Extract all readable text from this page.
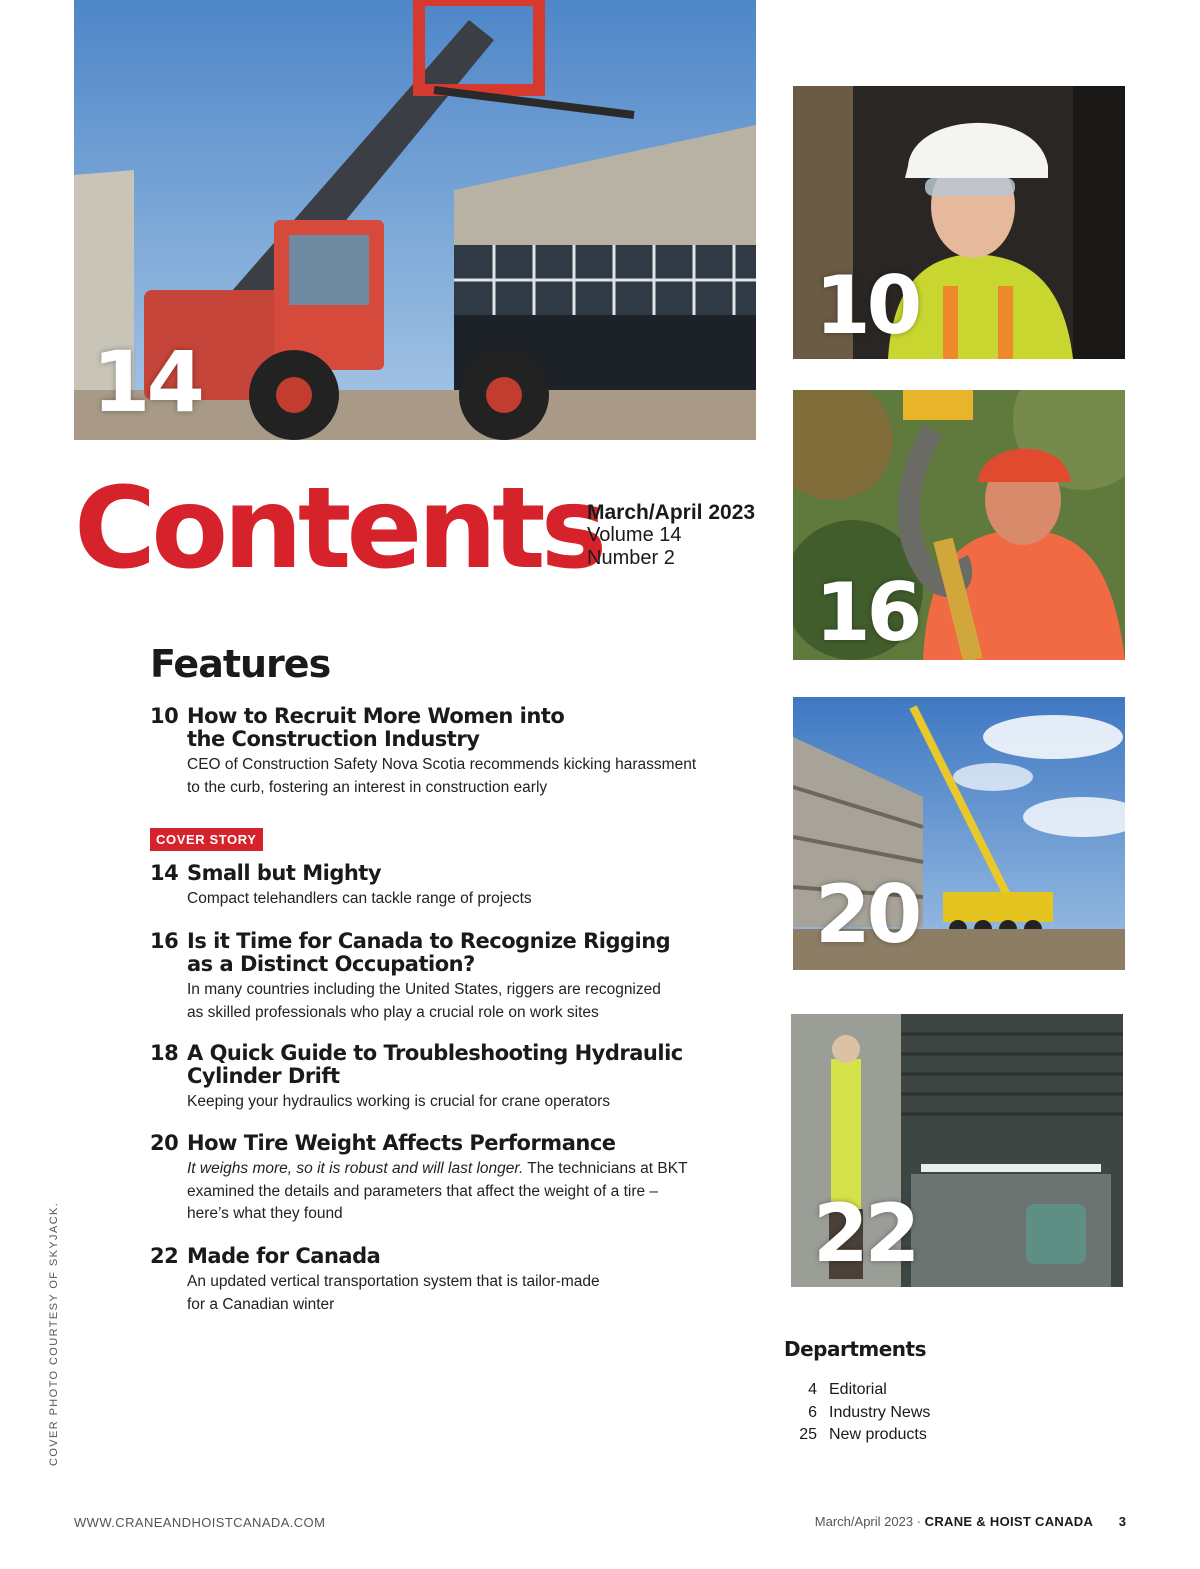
14
10
16
20
22
Contents
March/April 2023
Volume 14
Number 2
Features
10 How to Recruit More Women into
the Construction Industry
CEO of Construction Safety Nova Scotia recommends kicking harassment
to the curb, fostering an interest in construction early
COVER STORY
14 Small but Mighty
Compact telehandlers can tackle range of projects
16 Is it Time for Canada to Recognize Rigging
as a Distinct Occupation?
In many countries including the United States, riggers are recognized
as skilled professionals who play a crucial role on work sites
18 A Quick Guide to Troubleshooting Hydraulic
Cylinder Drift
Keeping your hydraulics working is crucial for crane operators
20 How Tire Weight Affects Performance
It weighs more, so it is robust and will last longer. The technicians at BKT
examined the details and parameters that affect the weight of a tire –
here’s what they found
22 Made for Canada
An updated vertical transportation system that is tailor-made
for a Canadian winter
Departments
4 Editorial
6 Industry News
25 New products
COVER PHOTO COURTESY OF SKYJACK.
WWW.CRANEANDHOISTCANADA.COM	March/April 2023 · CRANE & HOIST CANADA 3
